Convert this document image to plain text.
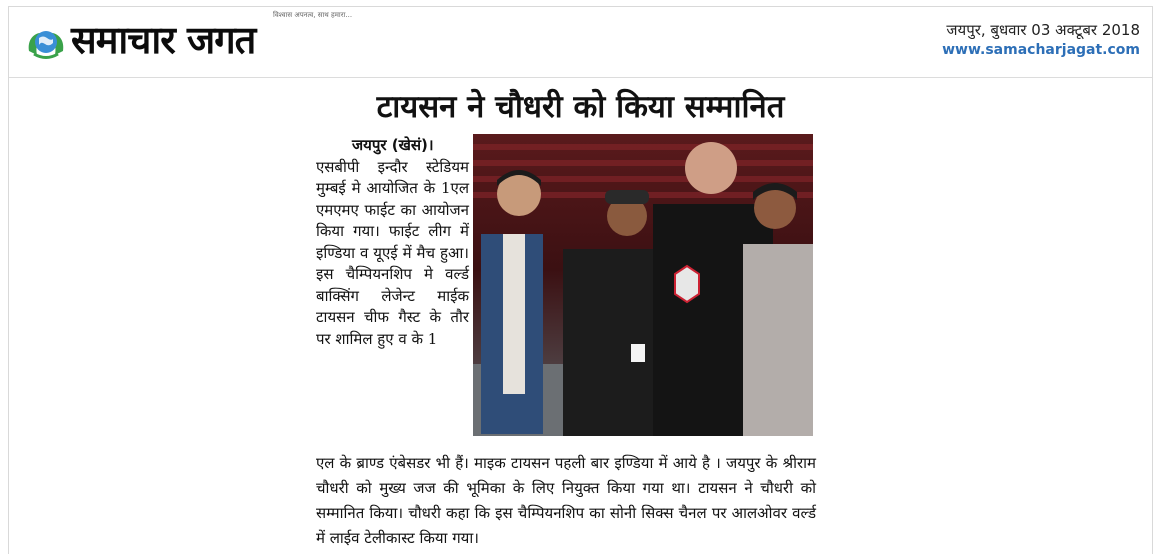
समाचार जगत
विश्वास अपनत्व, साथ हमारा...
जयपुर, बुधवार 03 अक्टूबर 2018
www.samacharjagat.com
टायसन ने चौधरी को किया सम्मानित
जयपुर (खेसं)।
एसबीपी इन्दौर स्टेडियम मुम्बई मे आयोजित के 1एल एमएमए फाईट का आयोजन किया गया। फाईट लीग में इण्डिया व यूएई में मैच हुआ। इस चैम्पियनशिप मे वर्ल्ड बाक्सिंग लेजेन्ट माईक टायसन चीफ गैस्ट के तौर पर शामिल हुए व के 1
एल के ब्राण्ड एंबेसडर भी हैं। माइक टायसन पहली बार इण्डिया में आये है । जयपुर के श्रीराम चौधरी को मुख्य जज की भूमिका के लिए नियुक्त किया गया था। टायसन ने चौधरी को सम्मानित किया। चौधरी कहा कि इस चैम्पियनशिप का सोनी सिक्स चैनल पर आलओवर वर्ल्ड में लाईव टेलीकास्ट किया गया।
